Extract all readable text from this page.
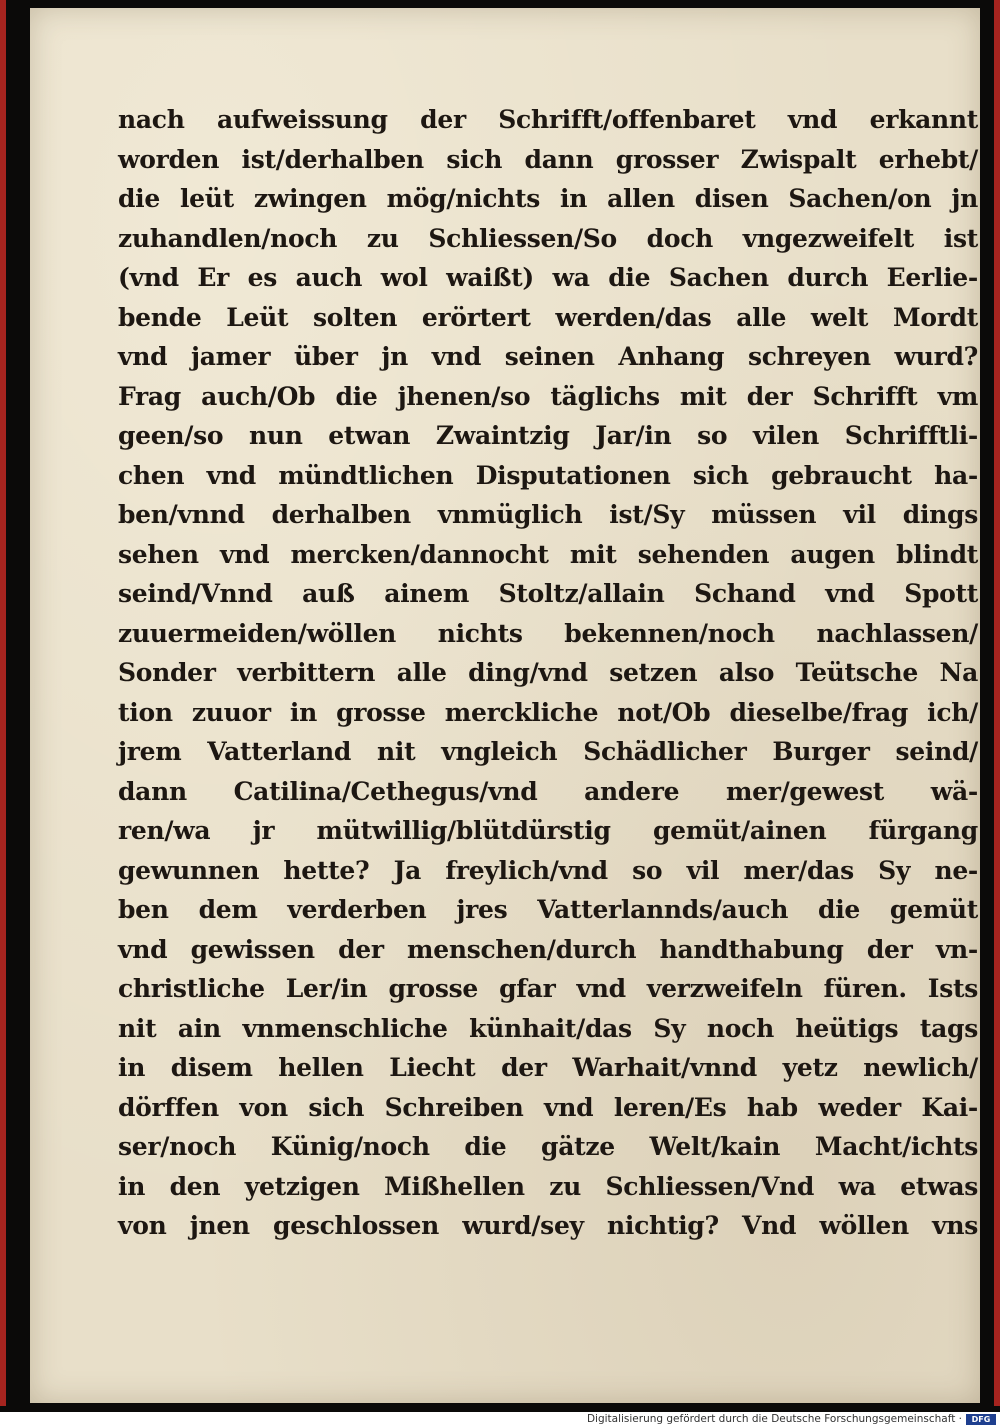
nach aufweissung der Schrifft/offenbaret vnd erkannt
worden ist/derhalben sich dann grosser Zwispalt erhebt/
die leüt zwingen mög/nichts in allen disen Sachen/on jn
zuhandlen/noch zu Schliessen/So doch vngezweifelt ist
(vnd Er es auch wol waißt) wa die Sachen durch Eerlie-
bende Leüt solten erörtert werden/das alle welt Mordt
vnd jamer über jn vnd seinen Anhang schreyen wurd?
Frag auch/Ob die jhenen/so täglichs mit der Schrifft vm
geen/so nun etwan Zwaintzig Jar/in so vilen Schrifftli-
chen vnd mündtlichen Disputationen sich gebraucht ha-
ben/vnnd derhalben vnmüglich ist/Sy müssen vil dings
sehen vnd mercken/dannocht mit sehenden augen blindt
seind/Vnnd auß ainem Stoltz/allain Schand vnd Spott
zuuermeiden/wöllen nichts bekennen/noch nachlassen/
Sonder verbittern alle ding/vnd setzen also Teütsche Na
tion zuuor in grosse merckliche not/Ob dieselbe/frag ich/
jrem Vatterland nit vngleich Schädlicher Burger seind/
dann Catilina/Cethegus/vnd andere mer/gewest wä-
ren/wa jr mütwillig/blütdürstig gemüt/ainen fürgang
gewunnen hette? Ja freylich/vnd so vil mer/das Sy ne-
ben dem verderben jres Vatterlannds/auch die gemüt
vnd gewissen der menschen/durch handthabung der vn-
christliche Ler/in grosse gfar vnd verzweifeln füren. Ists
nit ain vnmenschliche künhait/das Sy noch heütigs tags
in disem hellen Liecht der Warhait/vnnd yetz newlich/
dörffen von sich Schreiben vnd leren/Es hab weder Kai-
ser/noch Künig/noch die gätze Welt/kain Macht/ichts
in den yetzigen Mißhellen zu Schliessen/Vnd wa etwas
von jnen geschlossen wurd/sey nichtig? Vnd wöllen vns
Digitalisierung gefördert durch die Deutsche Forschungsgemeinschaft ·	DFG
